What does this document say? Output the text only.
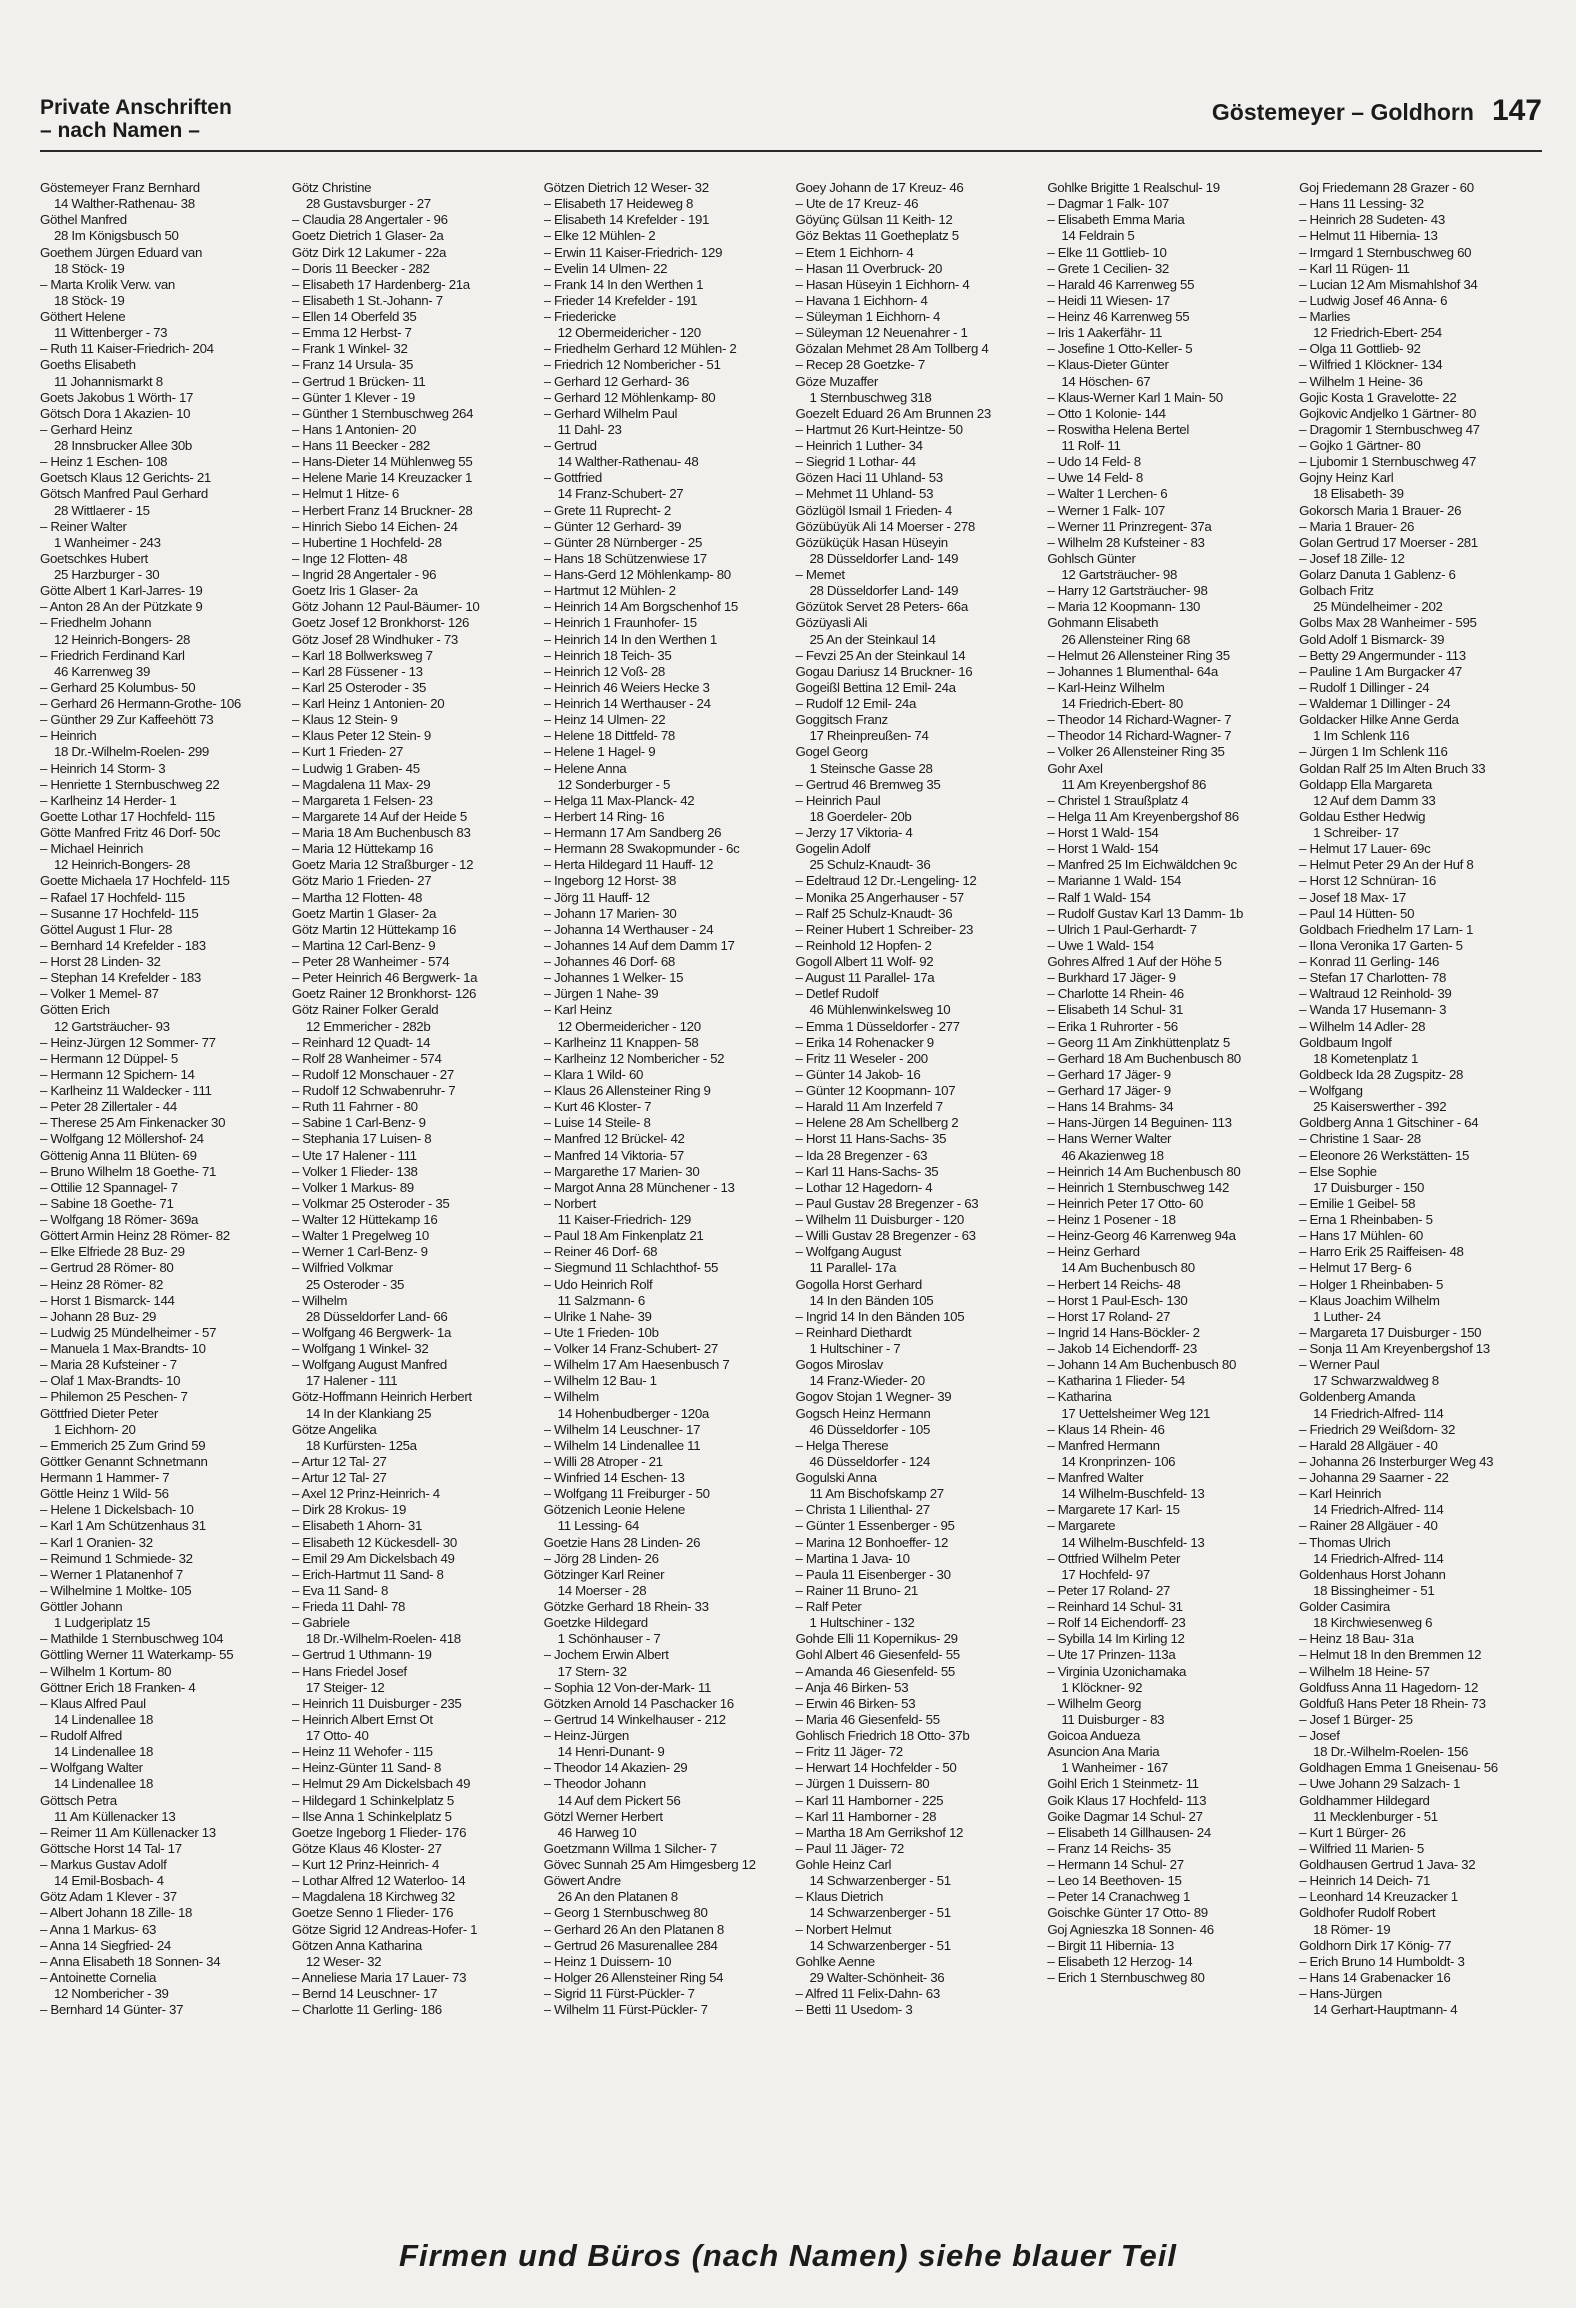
Private Anschriften
– nach Namen –
Göstemeyer – Goldhorn 147
Göstemeyer Franz Bernhard
14 Walther-Rathenau- 38
Göthel Manfred
28 Im Königsbusch 50
Goethem Jürgen Eduard van
18 Stöck- 19
– Marta Krolik Verw. van
18 Stöck- 19
Göthert Helene
11 Wittenberger - 73
– Ruth 11 Kaiser-Friedrich- 204
Goeths Elisabeth
11 Johannismarkt 8
Goets Jakobus 1 Wörth- 17
Götsch Dora 1 Akazien- 10
– Gerhard Heinz
28 Innsbrucker Allee 30b
– Heinz 1 Eschen- 108
Goetsch Klaus 12 Gerichts- 21
Götsch Manfred Paul Gerhard
28 Wittlaerer - 15
– Reiner Walter
1 Wanheimer - 243
Goetschkes Hubert
25 Harzburger - 30
Götte Albert 1 Karl-Jarres- 19
– Anton 28 An der Pützkate 9
– Friedhelm Johann
12 Heinrich-Bongers- 28
– Friedrich Ferdinand Karl
46 Karrenweg 39
– Gerhard 25 Kolumbus- 50
– Gerhard 26 Hermann-Grothe- 106
– Günther 29 Zur Kaffeehött 73
– Heinrich
18 Dr.-Wilhelm-Roelen- 299
– Heinrich 14 Storm- 3
– Henriette 1 Sternbuschweg 22
– Karlheinz 14 Herder- 1
Goette Lothar 17 Hochfeld- 115
Götte Manfred Fritz 46 Dorf- 50c
– Michael Heinrich
12 Heinrich-Bongers- 28
Goette Michaela 17 Hochfeld- 115
– Rafael 17 Hochfeld- 115
– Susanne 17 Hochfeld- 115
Göttel August 1 Flur- 28
– Bernhard 14 Krefelder - 183
– Horst 28 Linden- 32
– Stephan 14 Krefelder - 183
– Volker 1 Memel- 87
Götten Erich
12 Gartsträucher- 93
– Heinz-Jürgen 12 Sommer- 77
– Hermann 12 Düppel- 5
– Hermann 12 Spichern- 14
– Karlheinz 11 Waldecker - 111
– Peter 28 Zillertaler - 44
– Therese 25 Am Finkenacker 30
– Wolfgang 12 Möllershof- 24
Göttenig Anna 11 Blüten- 69
– Bruno Wilhelm 18 Goethe- 71
– Ottilie 12 Spannagel- 7
– Sabine 18 Goethe- 71
– Wolfgang 18 Römer- 369a
Göttert Armin Heinz 28 Römer- 82
– Elke Elfriede 28 Buz- 29
– Gertrud 28 Römer- 80
– Heinz 28 Römer- 82
– Horst 1 Bismarck- 144
– Johann 28 Buz- 29
– Ludwig 25 Mündelheimer - 57
– Manuela 1 Max-Brandts- 10
– Maria 28 Kufsteiner - 7
– Olaf 1 Max-Brandts- 10
– Philemon 25 Peschen- 7
Göttfried Dieter Peter
1 Eichhorn- 20
– Emmerich 25 Zum Grind 59
Göttker Genannt Schnetmann
Hermann 1 Hammer- 7
Göttle Heinz 1 Wild- 56
– Helene 1 Dickelsbach- 10
– Karl 1 Am Schützenhaus 31
– Karl 1 Oranien- 32
– Reimund 1 Schmiede- 32
– Werner 1 Platanenhof 7
– Wilhelmine 1 Moltke- 105
Göttler Johann
1 Ludgeriplatz 15
– Mathilde 1 Sternbuschweg 104
Göttling Werner 11 Waterkamp- 55
– Wilhelm 1 Kortum- 80
Göttner Erich 18 Franken- 4
– Klaus Alfred Paul
14 Lindenallee 18
– Rudolf Alfred
14 Lindenallee 18
– Wolfgang Walter
14 Lindenallee 18
Göttsch Petra
11 Am Küllenacker 13
– Reimer 11 Am Küllenacker 13
Göttsche Horst 14 Tal- 17
– Markus Gustav Adolf
14 Emil-Bosbach- 4
Götz Adam 1 Klever - 37
– Albert Johann 18 Zille- 18
– Anna 1 Markus- 63
– Anna 14 Siegfried- 24
– Anna Elisabeth 18 Sonnen- 34
– Antoinette Cornelia
12 Nombericher - 39
– Bernhard 14 Günter- 37
Götz Christine
28 Gustavsburger - 27
– Claudia 28 Angertaler - 96
Goetz Dietrich 1 Glaser- 2a
Götz Dirk 12 Lakumer - 22a
– Doris 11 Beecker - 282
– Elisabeth 17 Hardenberg- 21a
– Elisabeth 1 St.-Johann- 7
– Ellen 14 Oberfeld 35
– Emma 12 Herbst- 7
– Frank 1 Winkel- 32
– Franz 14 Ursula- 35
– Gertrud 1 Brücken- 11
– Günter 1 Klever - 19
– Günther 1 Sternbuschweg 264
– Hans 1 Antonien- 20
– Hans 11 Beecker - 282
– Hans-Dieter 14 Mühlenweg 55
– Helene Marie 14 Kreuzacker 1
– Helmut 1 Hitze- 6
– Herbert Franz 14 Bruckner- 28
– Hinrich Siebo 14 Eichen- 24
– Hubertine 1 Hochfeld- 28
– Inge 12 Flotten- 48
– Ingrid 28 Angertaler - 96
Goetz Iris 1 Glaser- 2a
Götz Johann 12 Paul-Bäumer- 10
Goetz Josef 12 Bronkhorst- 126
Götz Josef 28 Windhuker - 73
– Karl 18 Bollwerksweg 7
– Karl 28 Füssener - 13
– Karl 25 Osteroder - 35
– Karl Heinz 1 Antonien- 20
– Klaus 12 Stein- 9
– Klaus Peter 12 Stein- 9
– Kurt 1 Frieden- 27
– Ludwig 1 Graben- 45
– Magdalena 11 Max- 29
– Margareta 1 Felsen- 23
– Margarete 14 Auf der Heide 5
– Maria 18 Am Buchenbusch 83
– Maria 12 Hüttekamp 16
Goetz Maria 12 Straßburger - 12
Götz Mario 1 Frieden- 27
– Martha 12 Flotten- 48
Goetz Martin 1 Glaser- 2a
Götz Martin 12 Hüttekamp 16
– Martina 12 Carl-Benz- 9
– Peter 28 Wanheimer - 574
– Peter Heinrich 46 Bergwerk- 1a
Goetz Rainer 12 Bronkhorst- 126
Götz Rainer Folker Gerald
12 Emmericher - 282b
– Reinhard 12 Quadt- 14
– Rolf 28 Wanheimer - 574
– Rudolf 12 Monschauer - 27
– Rudolf 12 Schwabenruhr- 7
– Ruth 11 Fahrner - 80
– Sabine 1 Carl-Benz- 9
– Stephania 17 Luisen- 8
– Ute 17 Halener - 111
– Volker 1 Flieder- 138
– Volker 1 Markus- 89
– Volkmar 25 Osteroder - 35
– Walter 12 Hüttekamp 16
– Walter 1 Pregelweg 10
– Werner 1 Carl-Benz- 9
– Wilfried Volkmar
25 Osteroder - 35
– Wilhelm
28 Düsseldorfer Land- 66
– Wolfgang 46 Bergwerk- 1a
– Wolfgang 1 Winkel- 32
– Wolfgang August Manfred
17 Halener - 111
Götz-Hoffmann Heinrich Herbert
14 In der Klankiang 25
Götze Angelika
18 Kurfürsten- 125a
– Artur 12 Tal- 27
– Artur 12 Tal- 27
– Axel 12 Prinz-Heinrich- 4
– Dirk 28 Krokus- 19
– Elisabeth 1 Ahorn- 31
– Elisabeth 12 Kückesdell- 30
– Emil 29 Am Dickelsbach 49
– Erich-Hartmut 11 Sand- 8
– Eva 11 Sand- 8
– Frieda 11 Dahl- 78
– Gabriele
18 Dr.-Wilhelm-Roelen- 418
– Gertrud 1 Uthmann- 19
– Hans Friedel Josef
17 Steiger- 12
– Heinrich 11 Duisburger - 235
– Heinrich Albert Ernst Ot
17 Otto- 40
– Heinz 11 Wehofer - 115
– Heinz-Günter 11 Sand- 8
– Helmut 29 Am Dickelsbach 49
– Hildegard 1 Schinkelplatz 5
– Ilse Anna 1 Schinkelplatz 5
Goetze Ingeborg 1 Flieder- 176
Götze Klaus 46 Kloster- 27
– Kurt 12 Prinz-Heinrich- 4
– Lothar Alfred 12 Waterloo- 14
– Magdalena 18 Kirchweg 32
Goetze Senno 1 Flieder- 176
Götze Sigrid 12 Andreas-Hofer- 1
Götzen Anna Katharina
12 Weser- 32
– Anneliese Maria 17 Lauer- 73
– Bernd 14 Leuschner- 17
– Charlotte 11 Gerling- 186
Götzen Dietrich 12 Weser- 32
– Elisabeth 17 Heideweg 8
– Elisabeth 14 Krefelder - 191
– Elke 12 Mühlen- 2
– Erwin 11 Kaiser-Friedrich- 129
– Evelin 14 Ulmen- 22
– Frank 14 In den Werthen 1
– Frieder 14 Krefelder - 191
– Friedericke
12 Obermeidericher - 120
– Friedhelm Gerhard 12 Mühlen- 2
– Friedrich 12 Nombericher - 51
– Gerhard 12 Gerhard- 36
– Gerhard 12 Möhlenkamp- 80
– Gerhard Wilhelm Paul
11 Dahl- 23
– Gertrud
14 Walther-Rathenau- 48
– Gottfried
14 Franz-Schubert- 27
– Grete 11 Ruprecht- 2
– Günter 12 Gerhard- 39
– Günter 28 Nürnberger - 25
– Hans 18 Schützenwiese 17
– Hans-Gerd 12 Möhlenkamp- 80
– Hartmut 12 Mühlen- 2
– Heinrich 14 Am Borgschenhof 15
– Heinrich 1 Fraunhofer- 15
– Heinrich 14 In den Werthen 1
– Heinrich 18 Teich- 35
– Heinrich 12 Voß- 28
– Heinrich 46 Weiers Hecke 3
– Heinrich 14 Werthauser - 24
– Heinz 14 Ulmen- 22
– Helene 18 Dittfeld- 78
– Helene 1 Hagel- 9
– Helene Anna
12 Sonderburger - 5
– Helga 11 Max-Planck- 42
– Herbert 14 Ring- 16
– Hermann 17 Am Sandberg 26
– Hermann 28 Swakopmunder - 6c
– Herta Hildegard 11 Hauff- 12
– Ingeborg 12 Horst- 38
– Jörg 11 Hauff- 12
– Johann 17 Marien- 30
– Johanna 14 Werthauser - 24
– Johannes 14 Auf dem Damm 17
– Johannes 46 Dorf- 68
– Johannes 1 Welker- 15
– Jürgen 1 Nahe- 39
– Karl Heinz
12 Obermeidericher - 120
– Karlheinz 11 Knappen- 58
– Karlheinz 12 Nombericher - 52
– Klara 1 Wild- 60
– Klaus 26 Allensteiner Ring 9
– Kurt 46 Kloster- 7
– Luise 14 Steile- 8
– Manfred 12 Brückel- 42
– Manfred 14 Viktoria- 57
– Margarethe 17 Marien- 30
– Margot Anna 28 Münchener - 13
– Norbert
11 Kaiser-Friedrich- 129
– Paul 18 Am Finkenplatz 21
– Reiner 46 Dorf- 68
– Siegmund 11 Schlachthof- 55
– Udo Heinrich Rolf
11 Salzmann- 6
– Ulrike 1 Nahe- 39
– Ute 1 Frieden- 10b
– Volker 14 Franz-Schubert- 27
– Wilhelm 17 Am Haesenbusch 7
– Wilhelm 12 Bau- 1
– Wilhelm
14 Hohenbudberger - 120a
– Wilhelm 14 Leuschner- 17
– Wilhelm 14 Lindenallee 11
– Willi 28 Atroper - 21
– Winfried 14 Eschen- 13
– Wolfgang 11 Freiburger - 50
Götzenich Leonie Helene
11 Lessing- 64
Goetzie Hans 28 Linden- 26
– Jörg 28 Linden- 26
Götzinger Karl Reiner
14 Moerser - 28
Götzke Gerhard 18 Rhein- 33
Goetzke Hildegard
1 Schönhauser - 7
– Jochem Erwin Albert
17 Stern- 32
– Sophia 12 Von-der-Mark- 11
Götzken Arnold 14 Paschacker 16
– Gertrud 14 Winkelhauser - 212
– Heinz-Jürgen
14 Henri-Dunant- 9
– Theodor 14 Akazien- 29
– Theodor Johann
14 Auf dem Pickert 56
Götzl Werner Herbert
46 Harweg 10
Goetzmann Willma 1 Silcher- 7
Gövec Sunnah 25 Am Himgesberg 12
Göwert Andre
26 An den Platanen 8
– Georg 1 Sternbuschweg 80
– Gerhard 26 An den Platanen 8
– Gertrud 26 Masurenallee 284
– Heinz 1 Duissern- 10
– Holger 26 Allensteiner Ring 54
– Sigrid 11 Fürst-Pückler- 7
– Wilhelm 11 Fürst-Pückler- 7
Goey Johann de 17 Kreuz- 46
– Ute de 17 Kreuz- 46
Göyünç Gülsan 11 Keith- 12
Göz Bektas 11 Goetheplatz 5
– Etem 1 Eichhorn- 4
– Hasan 11 Overbruck- 20
– Hasan Hüseyin 1 Eichhorn- 4
– Havana 1 Eichhorn- 4
– Süleyman 1 Eichhorn- 4
– Süleyman 12 Neuenahrer - 1
Gözalan Mehmet 28 Am Tollberg 4
– Recep 28 Goetzke- 7
Göze Muzaffer
1 Sternbuschweg 318
Goezelt Eduard 26 Am Brunnen 23
– Hartmut 26 Kurt-Heintze- 50
– Heinrich 1 Luther- 34
– Siegrid 1 Lothar- 44
Gözen Haci 11 Uhland- 53
– Mehmet 11 Uhland- 53
Gözlügöl Ismail 1 Frieden- 4
Gözübüyük Ali 14 Moerser - 278
Gözüküçük Hasan Hüseyin
28 Düsseldorfer Land- 149
– Memet
28 Düsseldorfer Land- 149
Gözütok Servet 28 Peters- 66a
Gözüyasli Ali
25 An der Steinkaul 14
– Fevzi 25 An der Steinkaul 14
Gogau Dariusz 14 Bruckner- 16
Gogeißl Bettina 12 Emil- 24a
– Rudolf 12 Emil- 24a
Goggitsch Franz
17 Rheinpreußen- 74
Gogel Georg
1 Steinsche Gasse 28
– Gertrud 46 Bremweg 35
– Heinrich Paul
18 Goerdeler- 20b
– Jerzy 17 Viktoria- 4
Gogelin Adolf
25 Schulz-Knaudt- 36
– Edeltraud 12 Dr.-Lengeling- 12
– Monika 25 Angerhauser - 57
– Ralf 25 Schulz-Knaudt- 36
– Reiner Hubert 1 Schreiber- 23
– Reinhold 12 Hopfen- 2
Gogoll Albert 11 Wolf- 92
– August 11 Parallel- 17a
– Detlef Rudolf
46 Mühlenwinkelsweg 10
– Emma 1 Düsseldorfer - 277
– Erika 14 Rohenacker 9
– Fritz 11 Weseler - 200
– Günter 14 Jakob- 16
– Günter 12 Koopmann- 107
– Harald 11 Am Inzerfeld 7
– Helene 28 Am Schellberg 2
– Horst 11 Hans-Sachs- 35
– Ida 28 Bregenzer - 63
– Karl 11 Hans-Sachs- 35
– Lothar 12 Hagedorn- 4
– Paul Gustav 28 Bregenzer - 63
– Wilhelm 11 Duisburger - 120
– Willi Gustav 28 Bregenzer - 63
– Wolfgang August
11 Parallel- 17a
Gogolla Horst Gerhard
14 In den Bänden 105
– Ingrid 14 In den Bänden 105
– Reinhard Diethardt
1 Hultschiner - 7
Gogos Miroslav
14 Franz-Wieder- 20
Gogov Stojan 1 Wegner- 39
Gogsch Heinz Hermann
46 Düsseldorfer - 105
– Helga Therese
46 Düsseldorfer - 124
Gogulski Anna
11 Am Bischofskamp 27
– Christa 1 Lilienthal- 27
– Günter 1 Essenberger - 95
– Marina 12 Bonhoeffer- 12
– Martina 1 Java- 10
– Paula 11 Eisenberger - 30
– Rainer 11 Bruno- 21
– Ralf Peter
1 Hultschiner - 132
Gohde Elli 11 Kopernikus- 29
Gohl Albert 46 Giesenfeld- 55
– Amanda 46 Giesenfeld- 55
– Anja 46 Birken- 53
– Erwin 46 Birken- 53
– Maria 46 Giesenfeld- 55
Gohlisch Friedrich 18 Otto- 37b
– Fritz 11 Jäger- 72
– Herwart 14 Hochfelder - 50
– Jürgen 1 Duissern- 80
– Karl 11 Hamborner - 225
– Karl 11 Hamborner - 28
– Martha 18 Am Gerrikshof 12
– Paul 11 Jäger- 72
Gohle Heinz Carl
14 Schwarzenberger - 51
– Klaus Dietrich
14 Schwarzenberger - 51
– Norbert Helmut
14 Schwarzenberger - 51
Gohlke Aenne
29 Walter-Schönheit- 36
– Alfred 11 Felix-Dahn- 63
– Betti 11 Usedom- 3
Gohlke Brigitte 1 Realschul- 19
– Dagmar 1 Falk- 107
– Elisabeth Emma Maria
14 Feldrain 5
– Elke 11 Gottlieb- 10
– Grete 1 Cecilien- 32
– Harald 46 Karrenweg 55
– Heidi 11 Wiesen- 17
– Heinz 46 Karrenweg 55
– Iris 1 Aakerfähr- 11
– Josefine 1 Otto-Keller- 5
– Klaus-Dieter Günter
14 Höschen- 67
– Klaus-Werner Karl 1 Main- 50
– Otto 1 Kolonie- 144
– Roswitha Helena Bertel
11 Rolf- 11
– Udo 14 Feld- 8
– Uwe 14 Feld- 8
– Walter 1 Lerchen- 6
– Werner 1 Falk- 107
– Werner 11 Prinzregent- 37a
– Wilhelm 28 Kufsteiner - 83
Gohlsch Günter
12 Gartsträucher- 98
– Harry 12 Gartsträucher- 98
– Maria 12 Koopmann- 130
Gohmann Elisabeth
26 Allensteiner Ring 68
– Helmut 26 Allensteiner Ring 35
– Johannes 1 Blumenthal- 64a
– Karl-Heinz Wilhelm
14 Friedrich-Ebert- 80
– Theodor 14 Richard-Wagner- 7
– Theodor 14 Richard-Wagner- 7
– Volker 26 Allensteiner Ring 35
Gohr Axel
11 Am Kreyenbergshof 86
– Christel 1 Straußplatz 4
– Helga 11 Am Kreyenbergshof 86
– Horst 1 Wald- 154
– Horst 1 Wald- 154
– Manfred 25 Im Eichwäldchen 9c
– Marianne 1 Wald- 154
– Ralf 1 Wald- 154
– Rudolf Gustav Karl 13 Damm- 1b
– Ulrich 1 Paul-Gerhardt- 7
– Uwe 1 Wald- 154
Gohres Alfred 1 Auf der Höhe 5
– Burkhard 17 Jäger- 9
– Charlotte 14 Rhein- 46
– Elisabeth 14 Schul- 31
– Erika 1 Ruhrorter - 56
– Georg 11 Am Zinkhüttenplatz 5
– Gerhard 18 Am Buchenbusch 80
– Gerhard 17 Jäger- 9
– Gerhard 17 Jäger- 9
– Hans 14 Brahms- 34
– Hans-Jürgen 14 Beguinen- 113
– Hans Werner Walter
46 Akazienweg 18
– Heinrich 14 Am Buchenbusch 80
– Heinrich 1 Sternbuschweg 142
– Heinrich Peter 17 Otto- 60
– Heinz 1 Posener - 18
– Heinz-Georg 46 Karrenweg 94a
– Heinz Gerhard
14 Am Buchenbusch 80
– Herbert 14 Reichs- 48
– Horst 1 Paul-Esch- 130
– Horst 17 Roland- 27
– Ingrid 14 Hans-Böckler- 2
– Jakob 14 Eichendorff- 23
– Johann 14 Am Buchenbusch 80
– Katharina 1 Flieder- 54
– Katharina
17 Uettelsheimer Weg 121
– Klaus 14 Rhein- 46
– Manfred Hermann
14 Kronprinzen- 106
– Manfred Walter
14 Wilhelm-Buschfeld- 13
– Margarete 17 Karl- 15
– Margarete
14 Wilhelm-Buschfeld- 13
– Ottfried Wilhelm Peter
17 Hochfeld- 97
– Peter 17 Roland- 27
– Reinhard 14 Schul- 31
– Rolf 14 Eichendorff- 23
– Sybilla 14 Im Kirling 12
– Ute 17 Prinzen- 113a
– Virginia Uzonichamaka
1 Klöckner- 92
– Wilhelm Georg
11 Duisburger - 83
Goicoa Anduezа
Asuncion Ana Maria
1 Wanheimer - 167
Goihl Erich 1 Steinmetz- 11
Goik Klaus 17 Hochfeld- 113
Goike Dagmar 14 Schul- 27
– Elisabeth 14 Gillhausen- 24
– Franz 14 Reichs- 35
– Hermann 14 Schul- 27
– Leo 14 Beethoven- 15
– Peter 14 Cranachweg 1
Goischke Günter 17 Otto- 89
Goj Agnieszka 18 Sonnen- 46
– Birgit 11 Hibernia- 13
– Elisabeth 12 Herzog- 14
– Erich 1 Sternbuschweg 80
Goj Friedemann 28 Grazer - 60
– Hans 11 Lessing- 32
– Heinrich 28 Sudeten- 43
– Helmut 11 Hibernia- 13
– Irmgard 1 Sternbuschweg 60
– Karl 11 Rügen- 11
– Lucian 12 Am Mismahlshof 34
– Ludwig Josef 46 Anna- 6
– Marlies
12 Friedrich-Ebert- 254
– Olga 11 Gottlieb- 92
– Wilfried 1 Klöckner- 134
– Wilhelm 1 Heine- 36
Gojic Kosta 1 Gravelotte- 22
Gojkovic Andjelko 1 Gärtner- 80
– Dragomir 1 Sternbuschweg 47
– Gojko 1 Gärtner- 80
– Ljubomir 1 Sternbuschweg 47
Gojny Heinz Karl
18 Elisabeth- 39
Gokorsch Maria 1 Brauer- 26
– Maria 1 Brauer- 26
Golan Gertrud 17 Moerser - 281
– Josef 18 Zille- 12
Golarz Danuta 1 Gablenz- 6
Golbach Fritz
25 Mündelheimer - 202
Golbs Max 28 Wanheimer - 595
Gold Adolf 1 Bismarck- 39
– Betty 29 Angermunder - 113
– Pauline 1 Am Burgacker 47
– Rudolf 1 Dillinger - 24
– Waldemar 1 Dillinger - 24
Goldacker Hilke Anne Gerda
1 Im Schlenk 116
– Jürgen 1 Im Schlenk 116
Goldan Ralf 25 Im Alten Bruch 33
Goldapp Ella Margareta
12 Auf dem Damm 33
Goldau Esther Hedwig
1 Schreiber- 17
– Helmut 17 Lauer- 69c
– Helmut Peter 29 An der Huf 8
– Horst 12 Schnüran- 16
– Josef 18 Max- 17
– Paul 14 Hütten- 50
Goldbach Friedhelm 17 Larn- 1
– Ilona Veronika 17 Garten- 5
– Konrad 11 Gerling- 146
– Stefan 17 Charlotten- 78
– Waltraud 12 Reinhold- 39
– Wanda 17 Husemann- 3
– Wilhelm 14 Adler- 28
Goldbaum Ingolf
18 Kometenplatz 1
Goldbeck Ida 28 Zugspitz- 28
– Wolfgang
25 Kaiserswerther - 392
Goldberg Anna 1 Gitschiner - 64
– Christine 1 Saar- 28
– Eleonore 26 Werkstätten- 15
– Else Sophie
17 Duisburger - 150
– Emilie 1 Geibel- 58
– Erna 1 Rheinbaben- 5
– Hans 17 Mühlen- 60
– Harro Erik 25 Raiffeisen- 48
– Helmut 17 Berg- 6
– Holger 1 Rheinbaben- 5
– Klaus Joachim Wilhelm
1 Luther- 24
– Margareta 17 Duisburger - 150
– Sonja 11 Am Kreyenbergshof 13
– Werner Paul
17 Schwarzwaldweg 8
Goldenberg Amanda
14 Friedrich-Alfred- 114
– Friedrich 29 Weißdorn- 32
– Harald 28 Allgäuer - 40
– Johanna 26 Insterburger Weg 43
– Johanna 29 Saarner - 22
– Karl Heinrich
14 Friedrich-Alfred- 114
– Rainer 28 Allgäuer - 40
– Thomas Ulrich
14 Friedrich-Alfred- 114
Goldenhaus Horst Johann
18 Bissingheimer - 51
Golder Casimira
18 Kirchwiesenweg 6
– Heinz 18 Bau- 31a
– Helmut 18 In den Bremmen 12
– Wilhelm 18 Heine- 57
Goldfuss Anna 11 Hagedorn- 12
Goldfuß Hans Peter 18 Rhein- 73
– Josef 1 Bürger- 25
– Josef
18 Dr.-Wilhelm-Roelen- 156
Goldhagen Emma 1 Gneisenau- 56
– Uwe Johann 29 Salzach- 1
Goldhammer Hildegard
11 Mecklenburger - 51
– Kurt 1 Bürger- 26
– Wilfried 11 Marien- 5
Goldhausen Gertrud 1 Java- 32
– Heinrich 14 Deich- 71
– Leonhard 14 Kreuzacker 1
Goldhofer Rudolf Robert
18 Römer- 19
Goldhorn Dirk 17 König- 77
– Erich Bruno 14 Humboldt- 3
– Hans 14 Grabenacker 16
– Hans-Jürgen
14 Gerhart-Hauptmann- 4
Firmen und Büros (nach Namen) siehe blauer Teil
